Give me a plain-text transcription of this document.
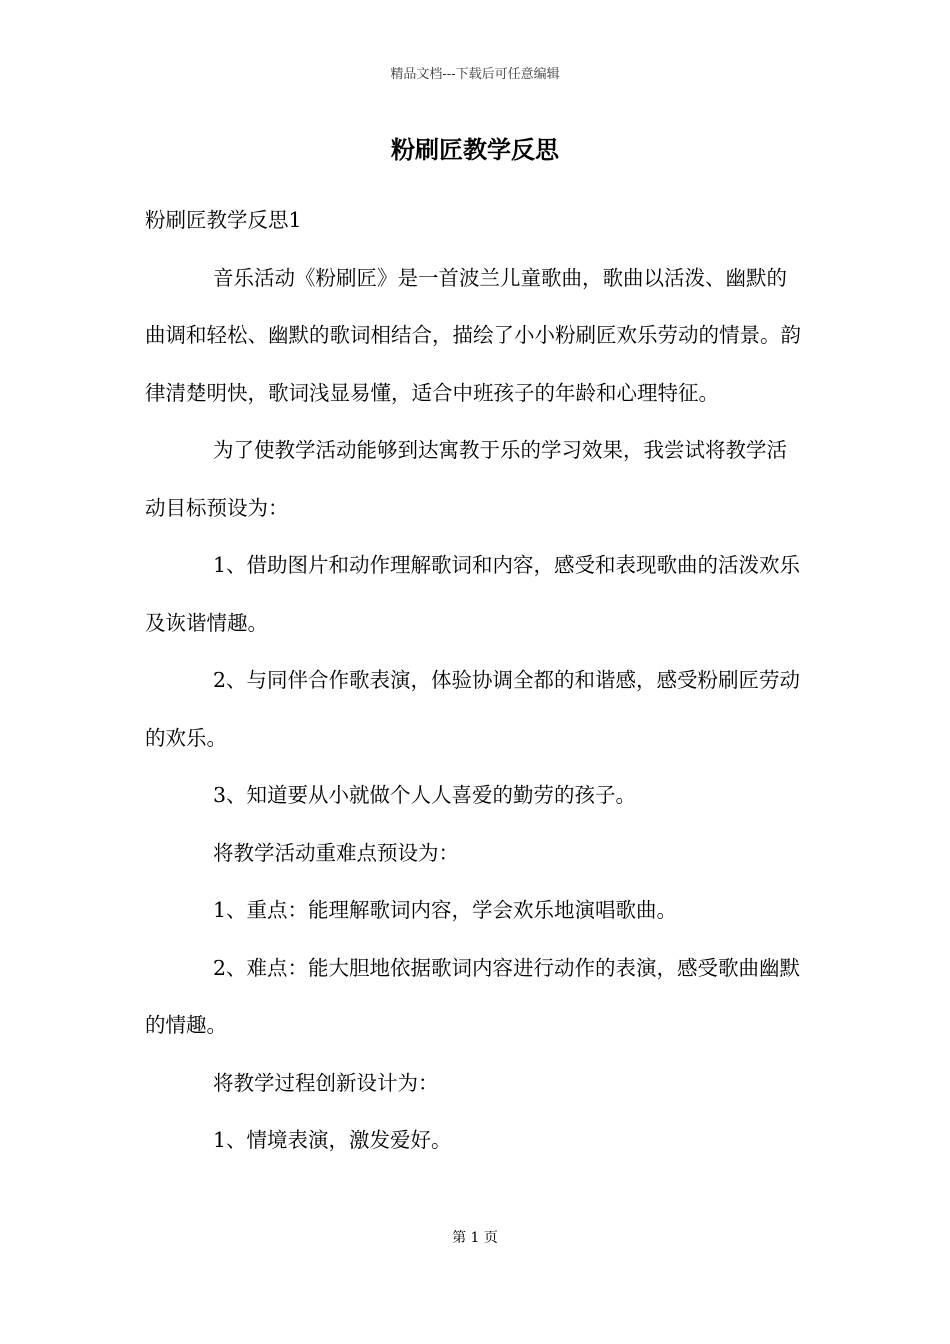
精品文档---下载后可任意编辑
粉刷匠教学反思

粉刷匠教学反思1

音乐活动《粉刷匠》是一首波兰儿童歌曲，歌曲以活泼、幽默的曲调和轻松、幽默的歌词相结合，描绘了小小粉刷匠欢乐劳动的情景。韵律清楚明快，歌词浅显易懂，适合中班孩子的年龄和心理特征。

为了使教学活动能够到达寓教于乐的学习效果，我尝试将教学活动目标预设为：

1、借助图片和动作理解歌词和内容，感受和表现歌曲的活泼欢乐及诙谐情趣。

2、与同伴合作歌表演，体验协调全都的和谐感，感受粉刷匠劳动的欢乐。

3、知道要从小就做个人人喜爱的勤劳的孩子。

将教学活动重难点预设为：

1、重点：能理解歌词内容，学会欢乐地演唱歌曲。

2、难点：能大胆地依据歌词内容进行动作的表演，感受歌曲幽默的情趣。

将教学过程创新设计为：

1、情境表演，激发爱好。

第 1 页
